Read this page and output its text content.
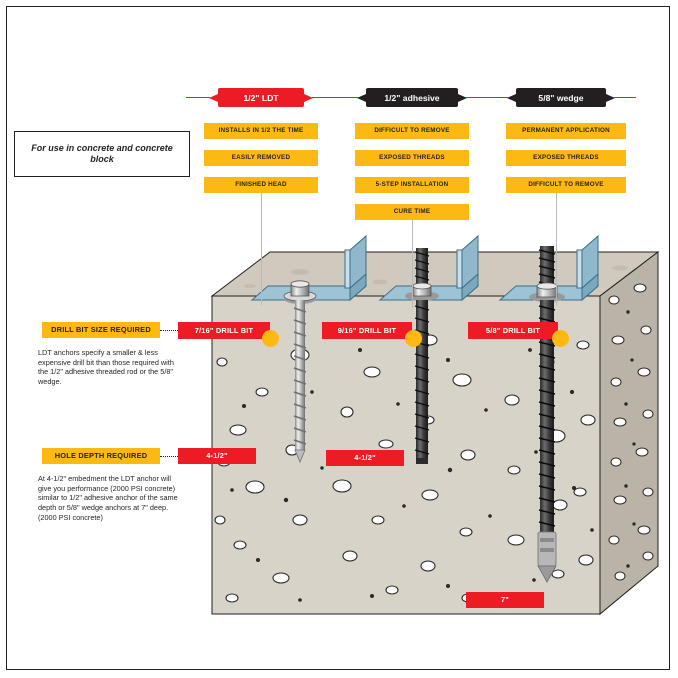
1/2" LDT	1/2" adhesive	5/8" wedge
INSTALLS IN 1/2 THE TIME
EASILY REMOVED
FINISHED HEAD
DIFFICULT TO REMOVE
EXPOSED THREADS
5-STEP INSTALLATION
CURE TIME
PERMANENT APPLICATION
EXPOSED THREADS
DIFFICULT TO REMOVE
For use in concrete and concrete block
DRILL BIT SIZE REQUIRED
LDT anchors specify a smaller & less expensive drill bit than those required with the 1/2" adhesive threaded rod or the 5/8" wedge.
HOLE DEPTH REQUIRED
At 4-1/2" embedment the LDT anchor will give you performance (2000 PSI concrete) similar to 1/2" adhesive anchor of the same depth or 5/8" wedge anchors at 7" deep. (2000 PSI concrete)
7/16" DRILL BIT	9/16" DRILL BIT	5/8" DRILL BIT
4-1/2"	4-1/2"
7"
